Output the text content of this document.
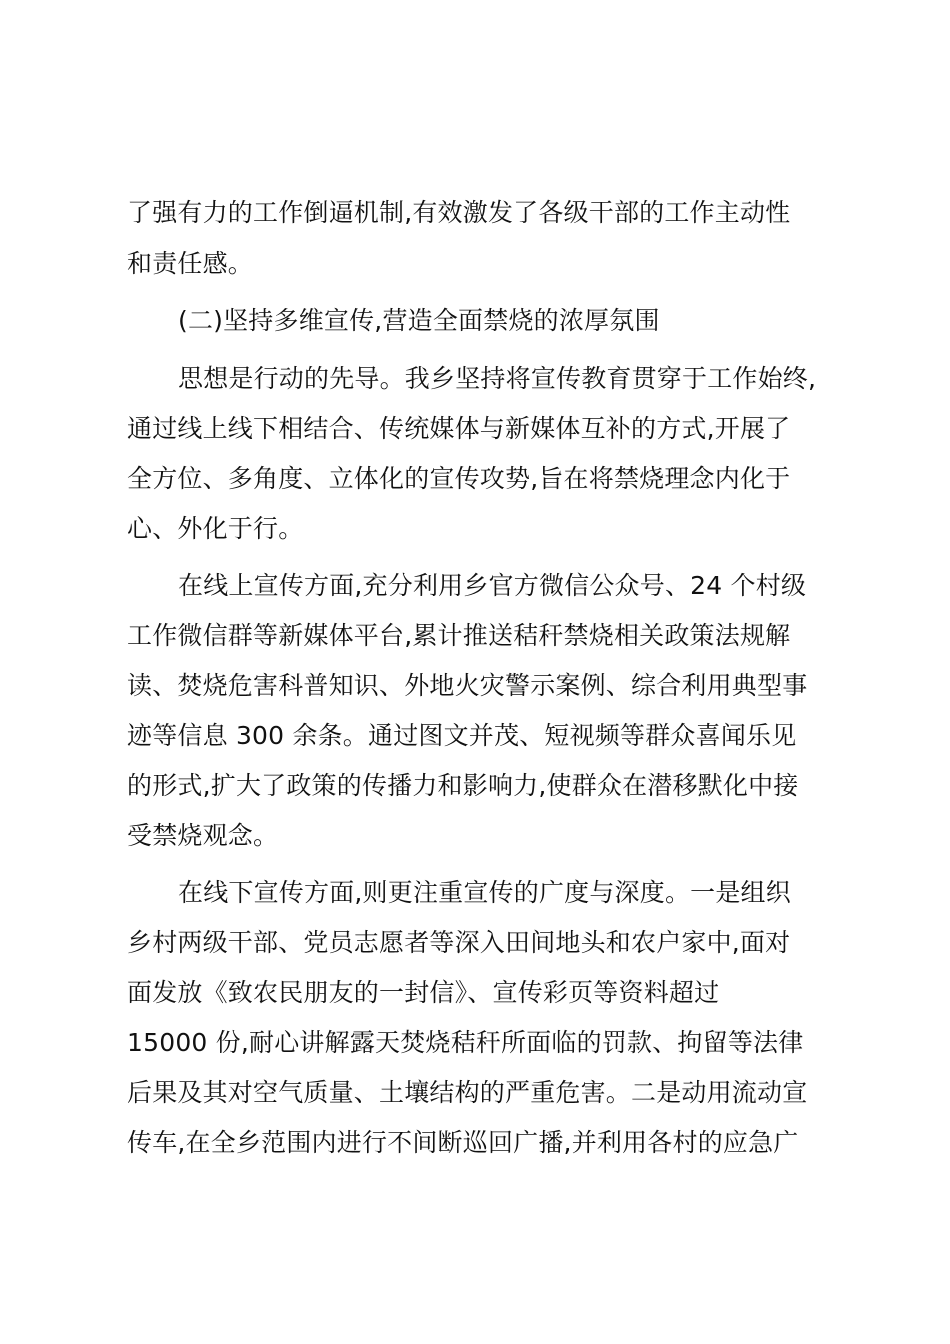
了强有力的工作倒逼机制,有效激发了各级干部的工作主动性
和责任感。
(二)坚持多维宣传,营造全面禁烧的浓厚氛围
思想是行动的先导。我乡坚持将宣传教育贯穿于工作始终,
通过线上线下相结合、传统媒体与新媒体互补的方式,开展了
全方位、多角度、立体化的宣传攻势,旨在将禁烧理念内化于
心、外化于行。
在线上宣传方面,充分利用乡官方微信公众号、24 个村级
工作微信群等新媒体平台,累计推送秸秆禁烧相关政策法规解
读、焚烧危害科普知识、外地火灾警示案例、综合利用典型事
迹等信息 300 余条。通过图文并茂、短视频等群众喜闻乐见
的形式,扩大了政策的传播力和影响力,使群众在潜移默化中接
受禁烧观念。
在线下宣传方面,则更注重宣传的广度与深度。一是组织
乡村两级干部、党员志愿者等深入田间地头和农户家中,面对
面发放《致农民朋友的一封信》、宣传彩页等资料超过
15000 份,耐心讲解露天焚烧秸秆所面临的罚款、拘留等法律
后果及其对空气质量、土壤结构的严重危害。二是动用流动宣
传车,在全乡范围内进行不间断巡回广播,并利用各村的应急广
